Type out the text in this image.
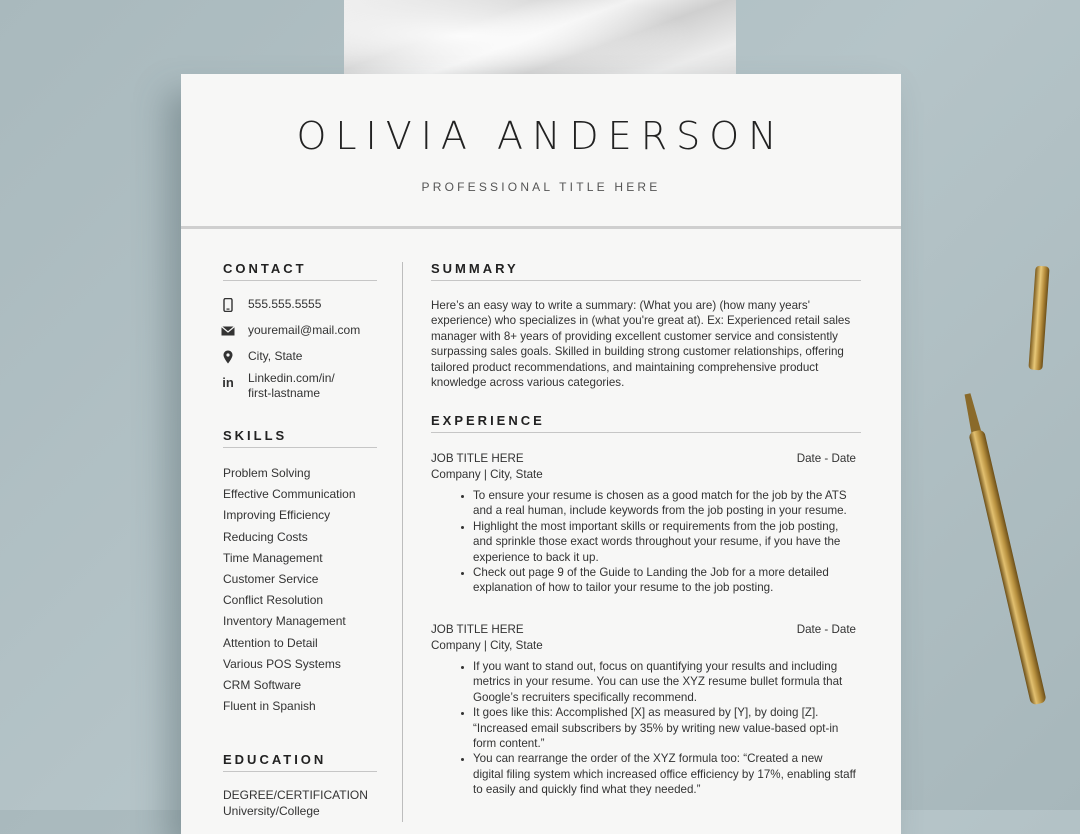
OLIVIA ANDERSON
PROFESSIONAL TITLE HERE
CONTACT
555.555.5555
youremail@mail.com
City, State
in Linkedin.com/in/
first-lastname
SKILLS
Problem Solving
Effective Communication
Improving Efficiency
Reducing Costs
Time Management
Customer Service
Conflict Resolution
Inventory Management
Attention to Detail
Various POS Systems
CRM Software
Fluent in Spanish
EDUCATION
DEGREE/CERTIFICATION
University/College
SUMMARY

Here’s an easy way to write a summary: (What you are) (how many years' experience) who specializes in (what you're great at). Ex: Experienced retail sales manager with 8+ years of providing excellent customer service and consistently surpassing sales goals. Skilled in building strong customer relationships, offering tailored product recommendations, and maintaining comprehensive product knowledge across various categories.

EXPERIENCE
JOB TITLE HERE	Date - Date
Company | City, State
• To ensure your resume is chosen as a good match for the job by the ATS and a real human, include keywords from the job posting in your resume.
• Highlight the most important skills or requirements from the job posting, and sprinkle those exact words throughout your resume, if you have the experience to back it up.
• Check out page 9 of the Guide to Landing the Job for a more detailed explanation of how to tailor your resume to the job posting.
JOB TITLE HERE	Date - Date
Company | City, State
• If you want to stand out, focus on quantifying your results and including metrics in your resume. You can use the XYZ resume bullet formula that Google’s recruiters specifically recommend.
• It goes like this: Accomplished [X] as measured by [Y], by doing [Z]. “Increased email subscribers by 35% by writing new value-based opt-in form content.”
• You can rearrange the order of the XYZ formula too: “Created a new digital filing system which increased office efficiency by 17%, enabling staff to easily and quickly find what they needed.”
